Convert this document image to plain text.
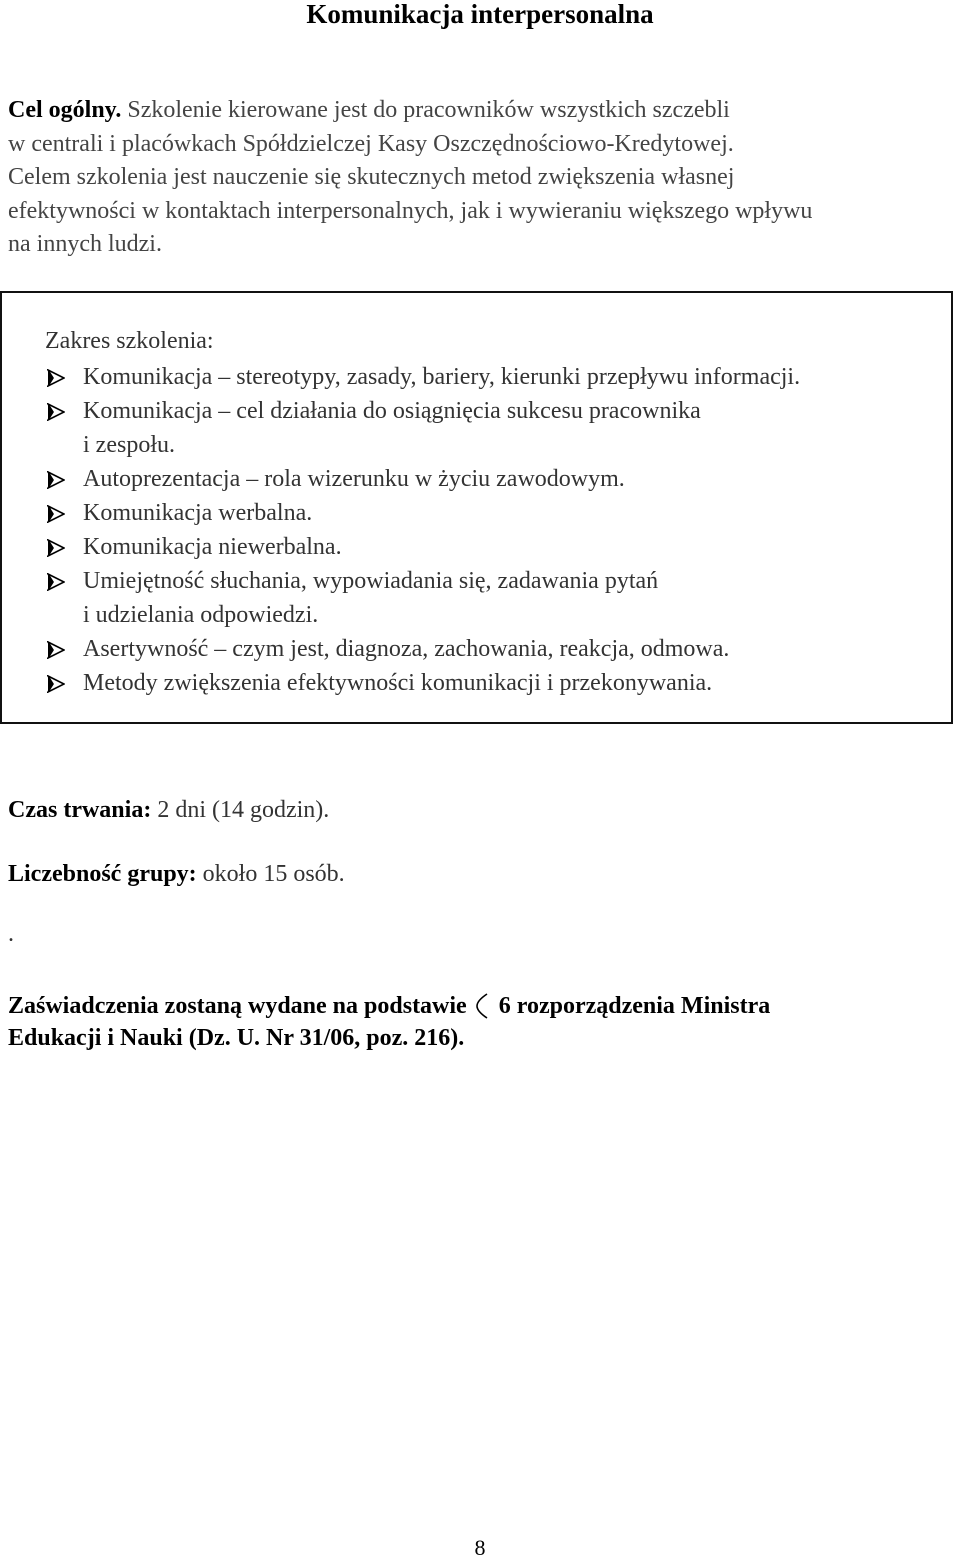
Komunikacja interpersonalna
Cel ogólny. Szkolenie kierowane jest do pracowników wszystkich szczebli
w centrali i placówkach Spółdzielczej Kasy Oszczędnościowo-Kredytowej.
Celem szkolenia jest nauczenie się skutecznych metod zwiększenia własnej
efektywności w kontaktach interpersonalnych, jak i wywieraniu większego wpływu
na innych ludzi.
Zakres szkolenia:
Komunikacja – stereotypy, zasady, bariery, kierunki przepływu informacji.
Komunikacja – cel działania do osiągnięcia sukcesu pracownika
i zespołu.
Autoprezentacja – rola wizerunku w życiu zawodowym.
Komunikacja werbalna.
Komunikacja niewerbalna.
Umiejętność słuchania, wypowiadania się, zadawania pytań
i udzielania odpowiedzi.
Asertywność – czym jest, diagnoza, zachowania, reakcja, odmowa.
Metody zwiększenia efektywności komunikacji i przekonywania.
Czas trwania: 2 dni (14 godzin).
Liczebność grupy: około 15 osób.
.
Zaświadczenia zostaną wydane na podstawie 6 rozporządzenia Ministra
Edukacji i Nauki (Dz. U. Nr 31/06, poz. 216).
8
